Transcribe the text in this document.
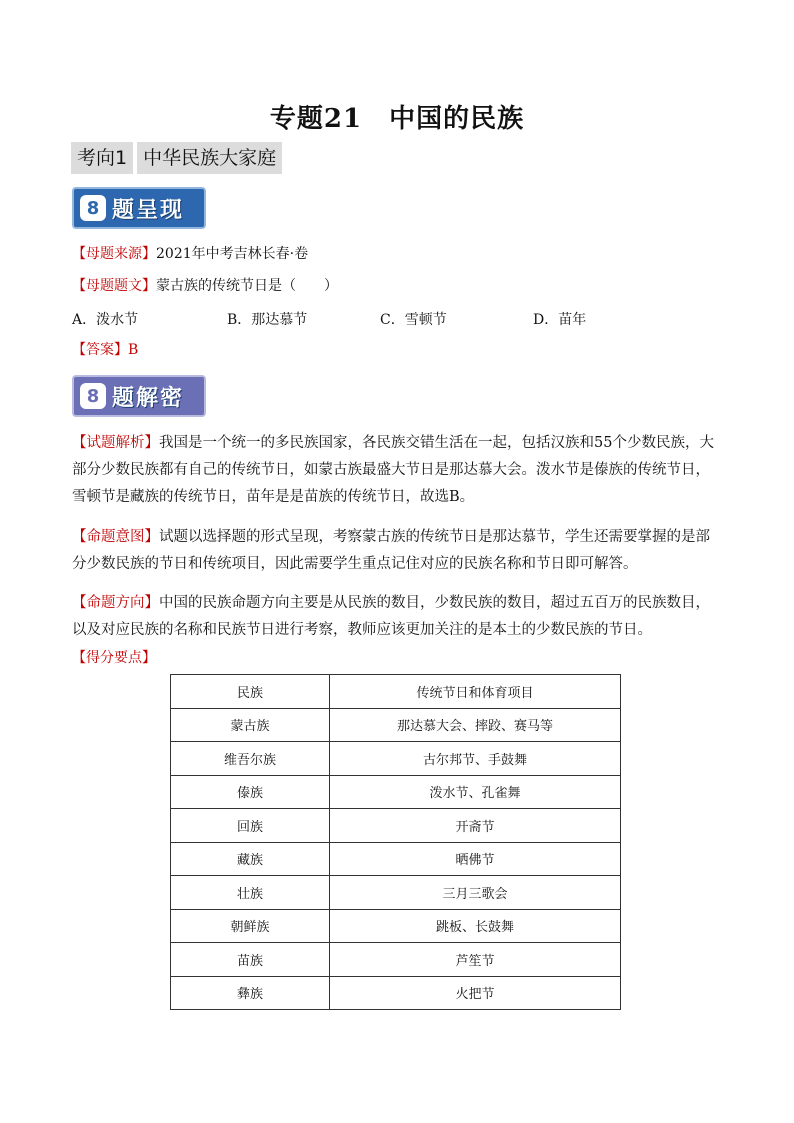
专题21　中国的民族
考向1 中华民族大家庭
8 题呈现
【母题来源】2021年中考吉林长春·卷
【母题题文】蒙古族的传统节日是（　　）
A．泼水节	B．那达慕节	C．雪顿节	D．苗年
【答案】B
8 题解密
【试题解析】我国是一个统一的多民族国家，各民族交错生活在一起，包括汉族和55个少数民族，大部分少数民族都有自己的传统节日，如蒙古族最盛大节日是那达慕大会。泼水节是傣族的传统节日，雪顿节是藏族的传统节日，苗年是是苗族的传统节日，故选B。
【命题意图】试题以选择题的形式呈现，考察蒙古族的传统节日是那达慕节，学生还需要掌握的是部分少数民族的节日和传统项目，因此需要学生重点记住对应的民族名称和节日即可解答。
【命题方向】中国的民族命题方向主要是从民族的数目，少数民族的数目，超过五百万的民族数目，以及对应民族的名称和民族节日进行考察，教师应该更加关注的是本土的少数民族的节日。
【得分要点】
民族	传统节日和体育项目
蒙古族	那达慕大会、摔跤、赛马等
维吾尔族	古尔邦节、手鼓舞
傣族	泼水节、孔雀舞
回族	开斋节
藏族	晒佛节
壮族	三月三歌会
朝鲜族	跳板、长鼓舞
苗族	芦笙节
彝族	火把节
